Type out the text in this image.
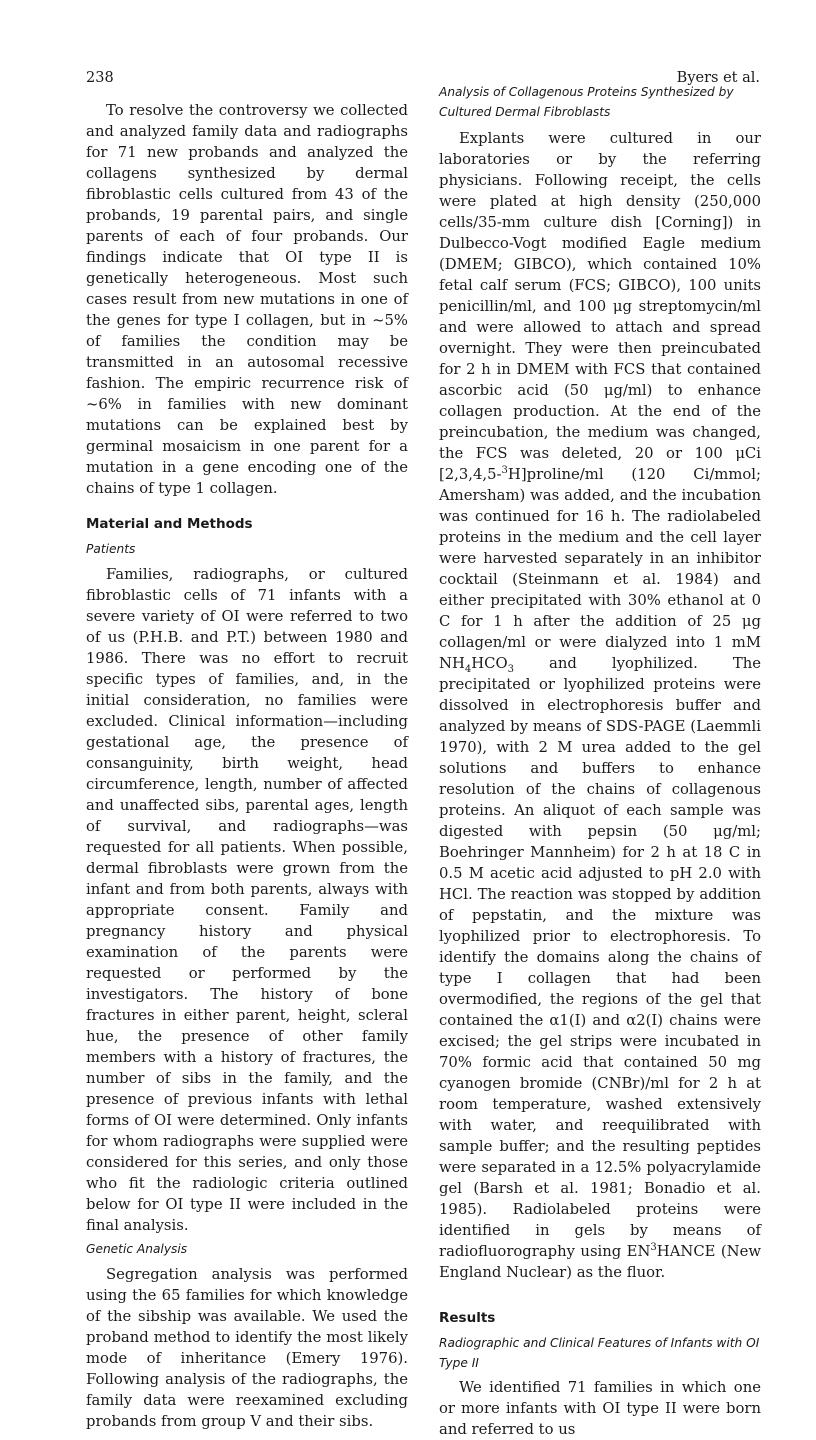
238	Byers et al.

To resolve the controversy we collected and analyzed family data and radiographs for 71 new probands and analyzed the collagens synthesized by dermal fibroblastic cells cultured from 43 of the probands, 19 parental pairs, and single parents of each of four probands. Our findings indicate that OI type II is genetically heterogeneous. Most such cases result from new mutations in one of the genes for type I collagen, but in ~5% of families the condition may be transmitted in an autosomal recessive fashion. The empiric recurrence risk of ~6% in families with new dominant mutations can be explained best by germinal mosaicism in one parent for a mutation in a gene encoding one of the chains of type 1 collagen.

Material and Methods
Patients

Families, radiographs, or cultured fibroblastic cells of 71 infants with a severe variety of OI were referred to two of us (P.H.B. and P.T.) between 1980 and 1986. There was no effort to recruit specific types of families, and, in the initial consideration, no families were excluded. Clinical information—including gestational age, the presence of consanguinity, birth weight, head circumference, length, number of affected and unaffected sibs, parental ages, length of survival, and radiographs—was requested for all patients. When possible, dermal fibroblasts were grown from the infant and from both parents, always with appropriate consent. Family and pregnancy history and physical examination of the parents were requested or performed by the investigators. The history of bone fractures in either parent, height, scleral hue, the presence of other family members with a history of fractures, the number of sibs in the family, and the presence of previous infants with lethal forms of OI were determined. Only infants for whom radiographs were supplied were considered for this series, and only those who fit the radiologic criteria outlined below for OI type II were included in the final analysis.

Genetic Analysis

Segregation analysis was performed using the 65 families for which knowledge of the sibship was available. We used the proband method to identify the most likely mode of inheritance (Emery 1976). Following analysis of the radiographs, the family data were reexamined excluding probands from group V and their sibs.

Analysis of Collagenous Proteins Synthesized by Cultured Dermal Fibroblasts

Explants were cultured in our laboratories or by the referring physicians. Following receipt, the cells were plated at high density (250,000 cells/35-mm culture dish [Corning]) in Dulbecco-Vogt modified Eagle medium (DMEM; GIBCO), which contained 10% fetal calf serum (FCS; GIBCO), 100 units penicillin/ml, and 100 μg streptomycin/ml and were allowed to attach and spread overnight. They were then preincubated for 2 h in DMEM with FCS that contained ascorbic acid (50 μg/ml) to enhance collagen production. At the end of the preincubation, the medium was changed, the FCS was deleted, 20 or 100 μCi [2,3,4,5-$^3$H]proline/ml (120 Ci/mmol; Amersham) was added, and the incubation was continued for 16 h. The radiolabeled proteins in the medium and the cell layer were harvested separately in an inhibitor cocktail (Steinmann et al. 1984) and either precipitated with 30% ethanol at 0 C for 1 h after the addition of 25 μg collagen/ml or were dialyzed into 1 mM $NH_4HCO_3$ and lyophilized. The precipitated or lyophilized proteins were dissolved in electrophoresis buffer and analyzed by means of SDS-PAGE (Laemmli 1970), with 2 M urea added to the gel solutions and buffers to enhance resolution of the chains of collagenous proteins. An aliquot of each sample was digested with pepsin (50 μg/ml; Boehringer Mannheim) for 2 h at 18 C in 0.5 M acetic acid adjusted to pH 2.0 with HCl. The reaction was stopped by addition of pepstatin, and the mixture was lyophilized prior to electrophoresis. To identify the domains along the chains of type I collagen that had been overmodified, the regions of the gel that contained the α1(I) and α2(I) chains were excised; the gel strips were incubated in 70% formic acid that contained 50 mg cyanogen bromide (CNBr)/ml for 2 h at room temperature, washed extensively with water, and reequilibrated with sample buffer; and the resulting peptides were separated in a 12.5% polyacrylamide gel (Barsh et al. 1981; Bonadio et al. 1985). Radiolabeled proteins were identified in gels by means of radiofluorography using $EN^3HANCE$ (New England Nuclear) as the fluor.

Results
Radiographic and Clinical Features of Infants with OI Type II

We identified 71 families in which one or more infants with OI type II were born and referred to us
